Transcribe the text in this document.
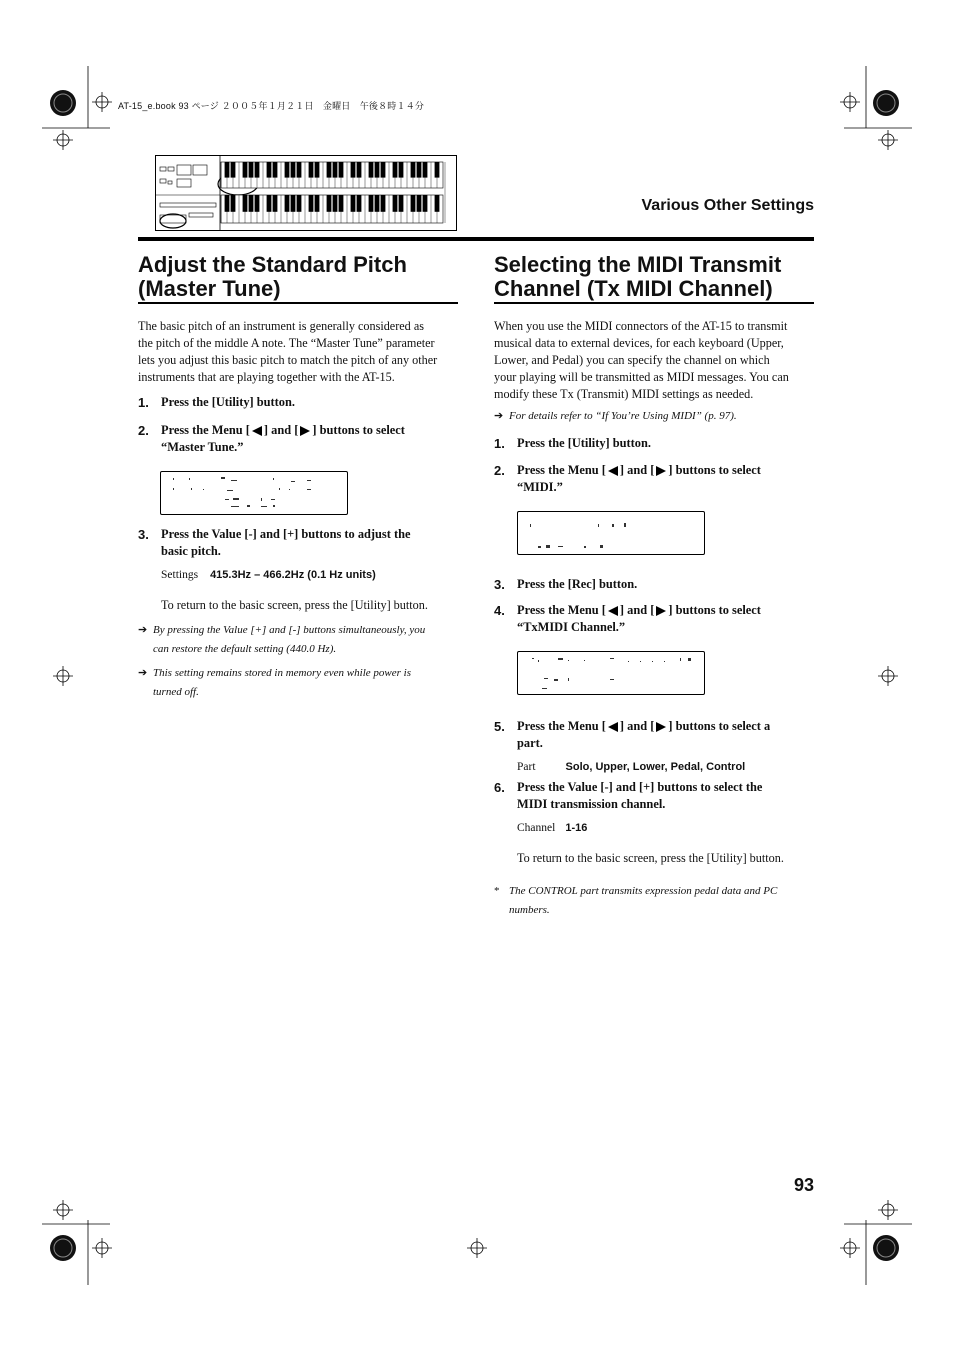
AT-15_e.book 93 ページ ２００５年１月２１日　金曜日　午後８時１４分
Various Other Settings
Adjust the Standard Pitch
(Master Tune)
The basic pitch of an instrument is generally considered as
the pitch of the middle A note. The “Master Tune” parameter
lets you adjust this basic pitch to match the pitch of any other
instruments that are playing together with the AT-15.
1. Press the [Utility] button.
2. Press the Menu [ ] and [ ] buttons to select
“Master Tune.”
3. Press the Value [-] and [+] buttons to adjust the
basic pitch.
Settings 415.3Hz – 466.2Hz (0.1 Hz units)
To return to the basic screen, press the [Utility] button.
➔ By pressing the Value [+] and [-] buttons simultaneously, you
can restore the default setting (440.0 Hz).
➔ This setting remains stored in memory even while power is
turned off.
Selecting the MIDI Transmit
Channel (Tx MIDI Channel)
When you use the MIDI connectors of the AT-15 to transmit
musical data to external devices, for each keyboard (Upper,
Lower, and Pedal) you can specify the channel on which
your playing will be transmitted as MIDI messages. You can
modify these Tx (Transmit) MIDI settings as needed.
➔ For details refer to “If You’re Using MIDI” (p. 97).
1. Press the [Utility] button.
2. Press the Menu [ ] and [ ] buttons to select
“MIDI.”
3. Press the [Rec] button.
4. Press the Menu [ ] and [ ] buttons to select
“TxMIDI Channel.”
5. Press the Menu [ ] and [ ] buttons to select a
part.
Part	Solo, Upper, Lower, Pedal, Control
6. Press the Value [-] and [+] buttons to select the
MIDI transmission channel.
Channel 1-16
To return to the basic screen, press the [Utility] button.
* The CONTROL part transmits expression pedal data and PC
numbers.
93
